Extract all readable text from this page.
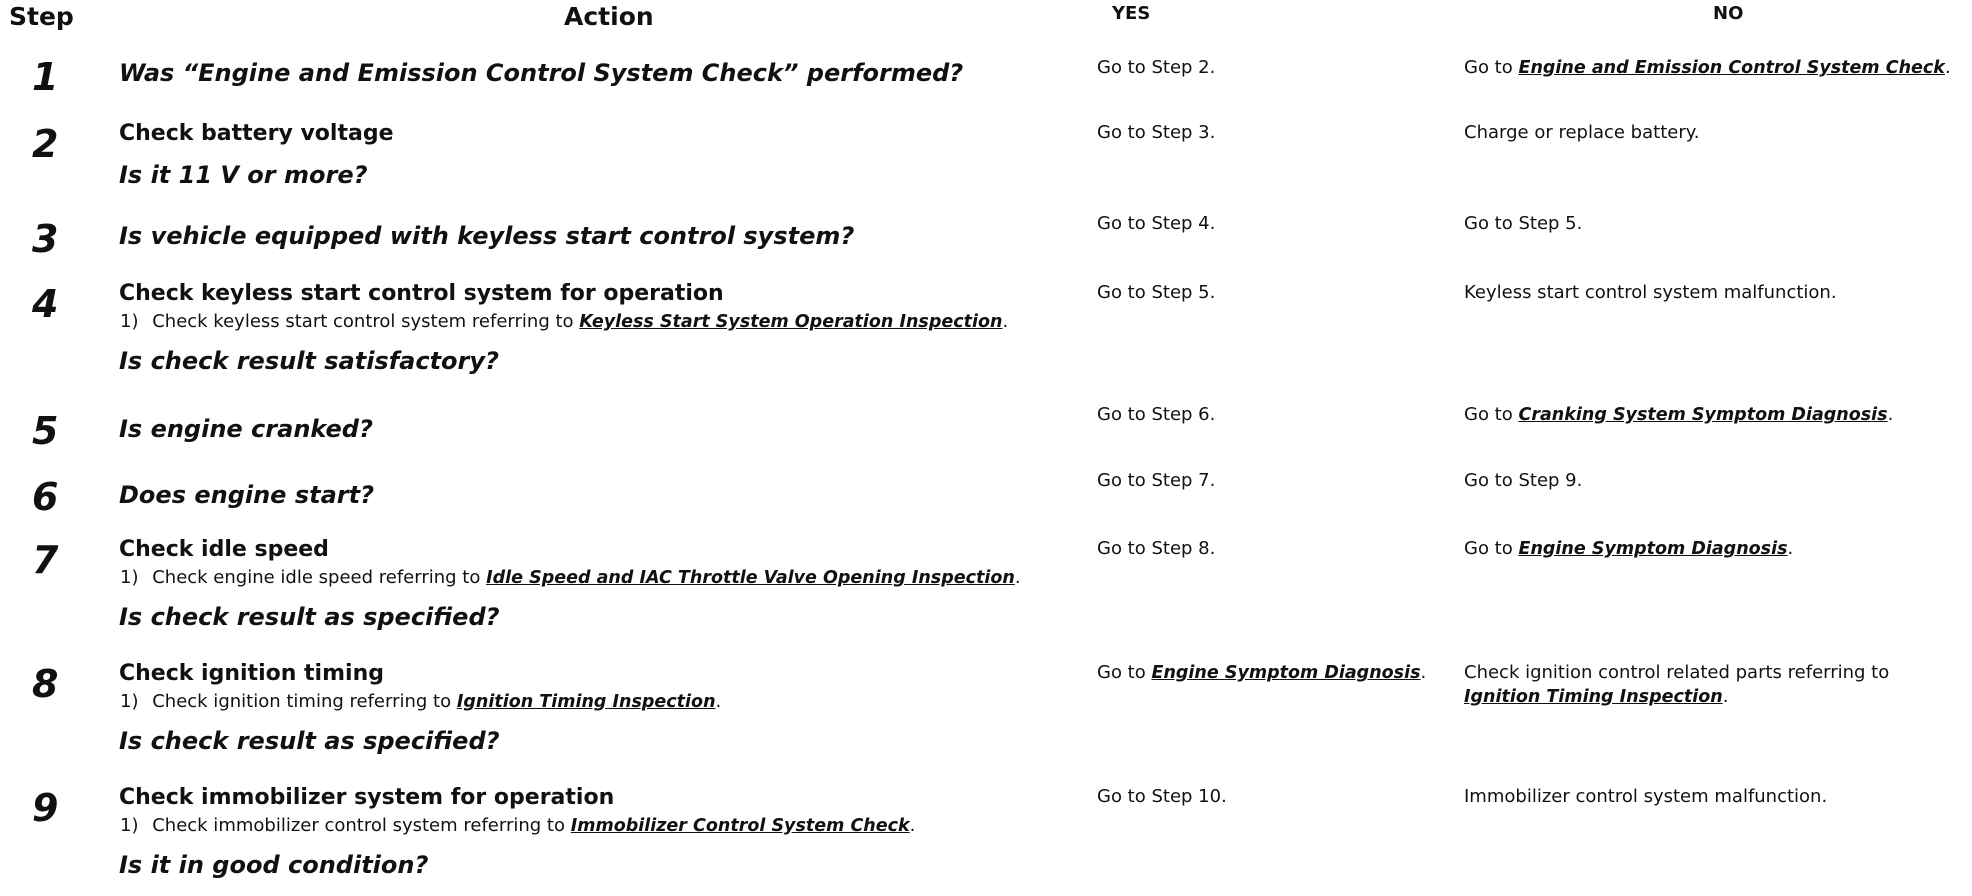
Step	Action	YES	NO
1	Was “Engine and Emission Control System Check” performed?	Go to Step 2.	Go to Engine and Emission Control System Check.
2	Check battery voltage
Is it 11 V or more?
Go to Step 3.	Charge or replace battery.
3	Is vehicle equipped with keyless start control system?	Go to Step 4.	Go to Step 5.
4	Check keyless start control system for operation
1) Check keyless start control system referring to Keyless Start System Operation Inspection.
Is check result satisfactory?
Go to Step 5.	Keyless start control system malfunction.
5	Is engine cranked?
Go to Step 6.	Go to Cranking System Symptom Diagnosis.
6	Does engine start?
Go to Step 7.	Go to Step 9.
7	Check idle speed
1) Check engine idle speed referring to Idle Speed and IAC Throttle Valve Opening Inspection.
Is check result as specified?
Go to Step 8.	Go to Engine Symptom Diagnosis.
8	Check ignition timing
1) Check ignition timing referring to Ignition Timing Inspection.
Is check result as specified?
Go to Engine Symptom Diagnosis.	Check ignition control related parts referring to
Ignition Timing Inspection.
9	Check immobilizer system for operation
1) Check immobilizer control system referring to Immobilizer Control System Check.
Is it in good condition?
Go to Step 10.	Immobilizer control system malfunction.
